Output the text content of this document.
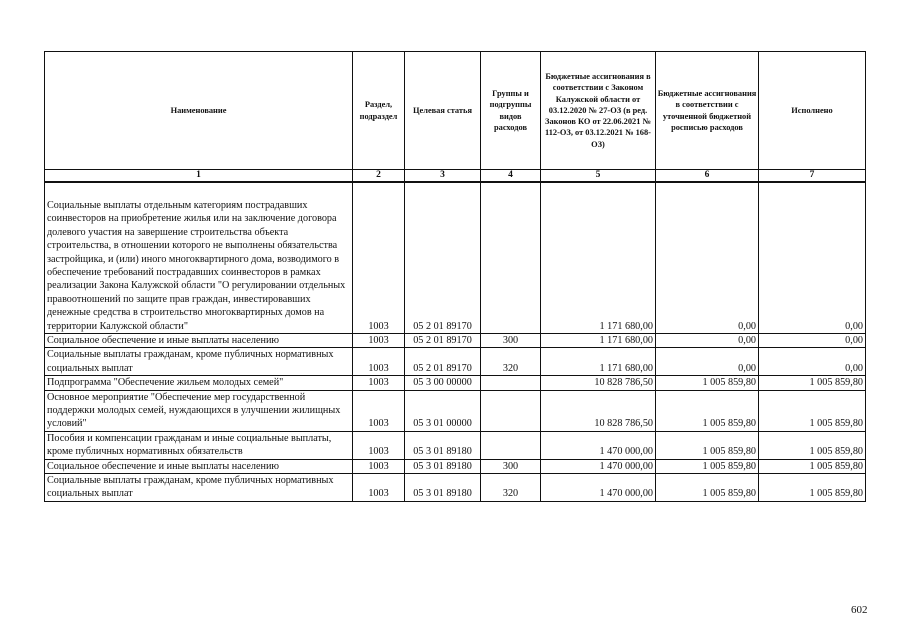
Наименование	Раздел, подраздел	Целевая статья	Группы и подгруппы видов расходов	Бюджетные ассигнования в соответствии с Законом Калужской области от 03.12.2020 № 27-ОЗ (в ред. Законов КО от 22.06.2021 № 112-ОЗ, от 03.12.2021 № 168-ОЗ)	Бюджетные ассигнования в соответствии с уточненной бюджетной росписью расходов	Исполнено
1	2	3	4	5	6	7
Социальные выплаты отдельным категориям пострадавших соинвесторов на приобретение жилья или на заключение договора долевого участия на завершение строительства объекта строительства, в отношении которого не выполнены обязательства застройщика, и (или) иного многоквартирного дома, возводимого в обеспечение требований пострадавших соинвесторов в рамках реализации Закона Калужской области "О регулировании отдельных правоотношений по защите прав граждан, инвестировавших денежные средства в строительство многоквартирных домов на территории Калужской области"	1003	05 2 01 89170		1 171 680,00	0,00	0,00
Социальное обеспечение и иные выплаты населению	1003	05 2 01 89170	300	1 171 680,00	0,00	0,00
Социальные выплаты гражданам, кроме публичных нормативных социальных выплат	1003	05 2 01 89170	320	1 171 680,00	0,00	0,00
Подпрограмма "Обеспечение жильем молодых семей"	1003	05 3 00 00000		10 828 786,50	1 005 859,80	1 005 859,80
Основное мероприятие "Обеспечение мер государственной поддержки молодых семей, нуждающихся в улучшении жилищных условий"	1003	05 3 01 00000		10 828 786,50	1 005 859,80	1 005 859,80
Пособия и компенсации гражданам и иные социальные выплаты, кроме публичных нормативных обязательств	1003	05 3 01 89180		1 470 000,00	1 005 859,80	1 005 859,80
Социальное обеспечение и иные выплаты населению	1003	05 3 01 89180	300	1 470 000,00	1 005 859,80	1 005 859,80
Социальные выплаты гражданам, кроме публичных нормативных социальных выплат	1003	05 3 01 89180	320	1 470 000,00	1 005 859,80	1 005 859,80
602
